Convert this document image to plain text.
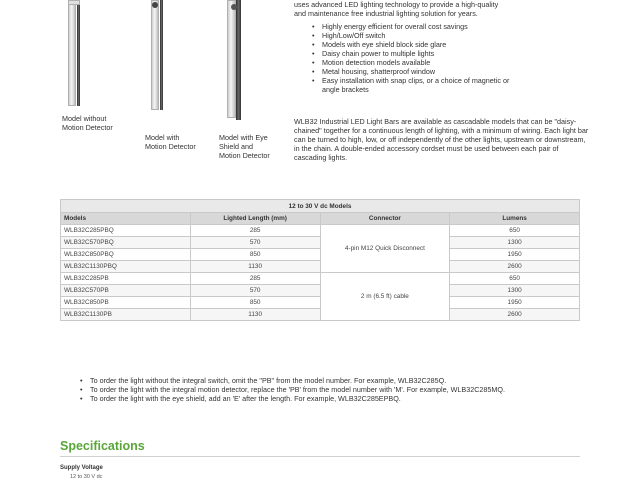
Model without
Motion Detector
Model with
Motion Detector
Model with Eye
Shield and
Motion Detector
uses advanced LED lighting technology to provide a high-quality
and maintenance free industrial lighting solution for years.
• Highly energy efficient for overall cost savings
• High/Low/Off switch
• Models with eye shield block side glare
• Daisy chain power to multiple lights
• Motion detection models available
• Metal housing, shatterproof window
• Easy installation with snap clips, or a choice of magnetic or
angle brackets
WLB32 Industrial LED Light Bars are available as cascadable models that can be "daisy-chained" together for a continuous length of lighting, with a minimum of wiring. Each light bar can be turned to high, low, or off independently of the other lights, upstream or downstream, in the chain. A double-ended accessory cordset must be used between each pair of cascading lights.
12 to 30 V dc Models			
Models	Lighted Length (mm)	Connector	Lumens
WLB32C285PBQ	285	4-pin M12 Quick Disconnect	650
WLB32C570PBQ	570		1300
WLB32C850PBQ	850		1950
WLB32C1130PBQ	1130		2600
WLB32C285PB	285	2 m (6.5 ft) cable	650
WLB32C570PB	570		1300
WLB32C850PB	850		1950
WLB32C1130PB	1130		2600
• To order the light without the integral switch, omit the "PB" from the model number. For example, WLB32C285Q.
• To order the light with the integral motion detector, replace the 'PB' from the model number with 'M'. For example, WLB32C285MQ.
• To order the light with the eye shield, add an 'E' after the length. For example, WLB32C285EPBQ.
Specifications
Supply Voltage
12 to 30 V dc
